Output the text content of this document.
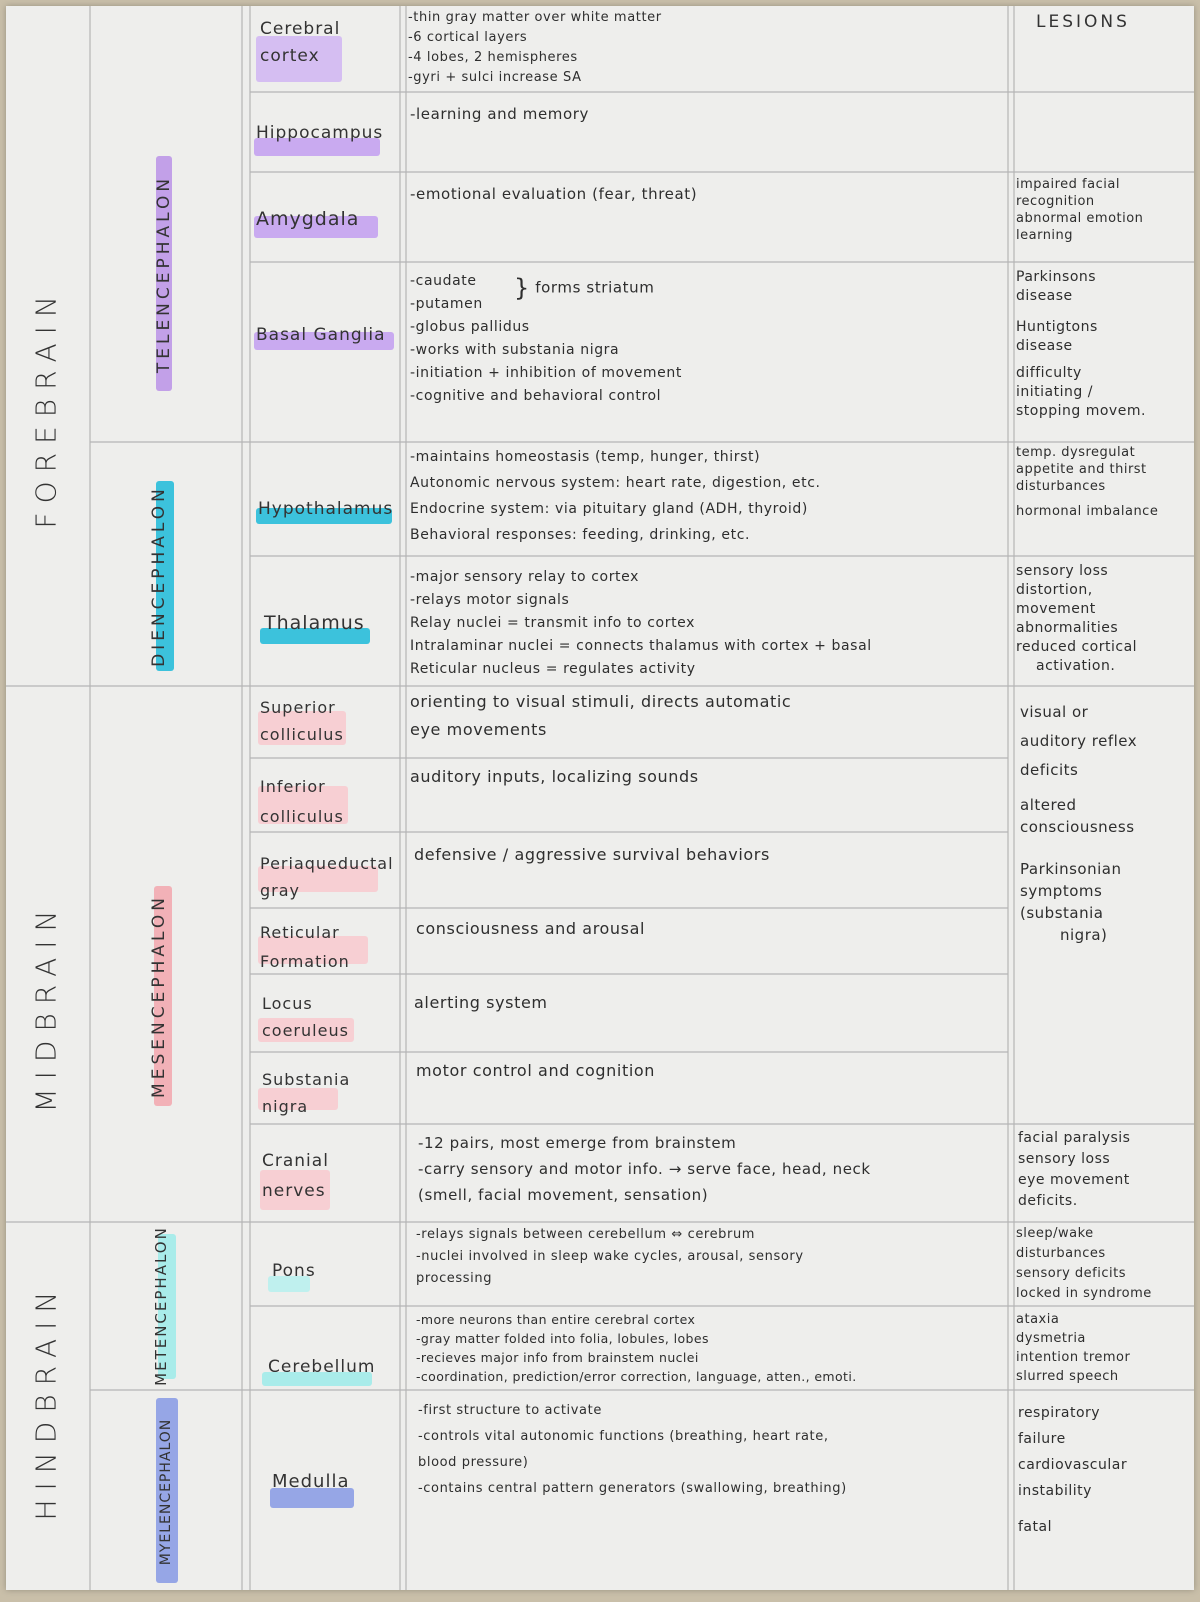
LESIONS
FOREBRAIN
MIDBRAIN
HINDBRAIN
TELENCEPHALON
DIENCEPHALON
MESENCEPHALON
METENCEPHALON
MYELENCEPHALON
Cerebral
cortex
Hippocampus
Amygdala
Basal Ganglia
Hypothalamus
Thalamus
Superior
colliculus
Inferior
colliculus
Periaqueductal
gray
Reticular
Formation
Locus
coeruleus
Substania
nigra
Cranial
nerves
Pons
Cerebellum
Medulla
-thin gray matter over white matter
-6 cortical layers
-4 lobes, 2 hemispheres
-gyri + sulci increase SA
-learning and memory
-emotional evaluation (fear, threat)
-caudate
-putamen
-globus pallidus
-works with substania nigra
-initiation + inhibition of movement
-cognitive and behavioral control
} forms striatum
-maintains homeostasis (temp, hunger, thirst)
Autonomic nervous system: heart rate, digestion, etc.
Endocrine system: via pituitary gland (ADH, thyroid)
Behavioral responses: feeding, drinking, etc.
-major sensory relay to cortex
-relays motor signals
Relay nuclei = transmit info to cortex
Intralaminar nuclei = connects thalamus with cortex + basal
Reticular nucleus = regulates activity
orienting to visual stimuli, directs automatic
eye movements
auditory inputs, localizing sounds
defensive / aggressive survival behaviors
consciousness and arousal
alerting system
motor control and cognition
-12 pairs, most emerge from brainstem
-carry sensory and motor info. → serve face, head, neck
(smell, facial movement, sensation)
-relays signals between cerebellum ⇔ cerebrum
-nuclei involved in sleep wake cycles, arousal, sensory
processing
-more neurons than entire cerebral cortex
-gray matter folded into folia, lobules, lobes
-recieves major info from brainstem nuclei
-coordination, prediction/error correction, language, atten., emoti.
-first structure to activate
-controls vital autonomic functions (breathing, heart rate,
blood pressure)
-contains central pattern generators (swallowing, breathing)
impaired facial
recognition
abnormal emotion
learning
Parkinsons
disease
Huntigtons
disease
difficulty
initiating /
stopping movem.
temp. dysregulat
appetite and thirst
disturbances
hormonal imbalance
sensory loss
distortion,
movement
abnormalities
reduced cortical
activation.
visual or
auditory reflex
deficits
altered
consciousness
Parkinsonian
symptoms
(substania
nigra)
facial paralysis
sensory loss
eye movement
deficits.
sleep/wake
disturbances
sensory deficits
locked in syndrome
ataxia
dysmetria
intention tremor
slurred speech
respiratory
failure
cardiovascular
instability
fatal
